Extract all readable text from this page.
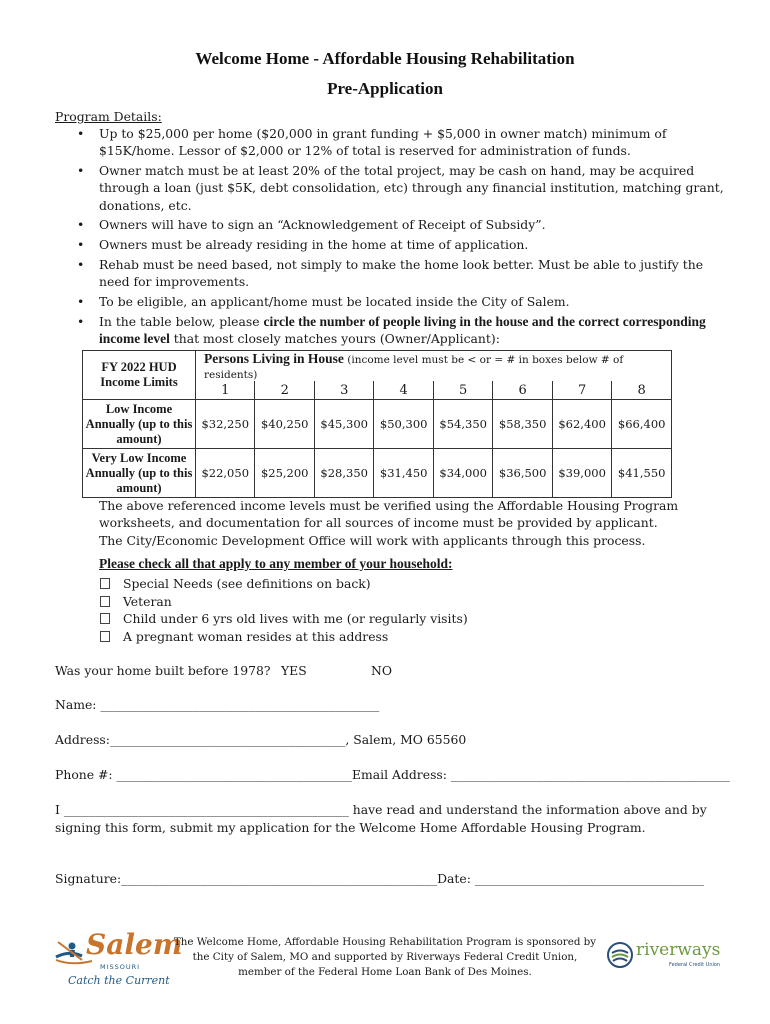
Welcome Home - Affordable Housing Rehabilitation
Pre-Application
Program Details:
• Up to $25,000 per home ($20,000 in grant funding + $5,000 in owner match) minimum of $15K/home. Lessor of $2,000 or 12% of total is reserved for administration of funds.
• Owner match must be at least 20% of the total project, may be cash on hand, may be acquired through a loan (just $5K, debt consolidation, etc) through any financial institution, matching grant, donations, etc.
• Owners will have to sign an “Acknowledgement of Receipt of Subsidy”.
• Owners must be already residing in the home at time of application.
• Rehab must be need based, not simply to make the home look better. Must be able to justify the need for improvements.
• To be eligible, an applicant/home must be located inside the City of Salem.
• In the table below, please circle the number of people living in the house and the correct corresponding income level that most closely matches yours (Owner/Applicant):
FY 2022 HUD Income Limits	Persons Living in House (income level must be < or = # in boxes below # of residents)							
	1	2	3	4	5	6	7	8
Low Income Annually (up to this amount)	$32,250	$40,250	$45,300	$50,300	$54,350	$58,350	$62,400	$66,400
Very Low Income Annually (up to this amount)	$22,050	$25,200	$28,350	$31,450	$34,000	$36,500	$39,000	$41,550
The above referenced income levels must be verified using the Affordable Housing Program worksheets, and documentation for all sources of income must be provided by applicant. The City/Economic Development Office will work with applicants through this process.
Please check all that apply to any member of your household:
Special Needs (see definitions on back)
Veteran
Child under 6 yrs old lives with me (or regularly visits)
A pregnant woman resides at this address
Was your home built before 1978? YES	NO
Name: _____________________________________________
Address:______________________________________, Salem, MO 65560
Phone #: ______________________________________Email Address: _____________________________________________
I ______________________________________________ have read and understand the information above and by
signing this form, submit my application for the Welcome Home Affordable Housing Program.
Signature:___________________________________________________Date: _____________________________________
Salem
MISSOURI
Catch the Current
The Welcome Home, Affordable Housing Rehabilitation Program is sponsored by the City of Salem, MO and supported by Riverways Federal Credit Union, member of the Federal Home Loan Bank of Des Moines.
riverways
Federal Credit Union
